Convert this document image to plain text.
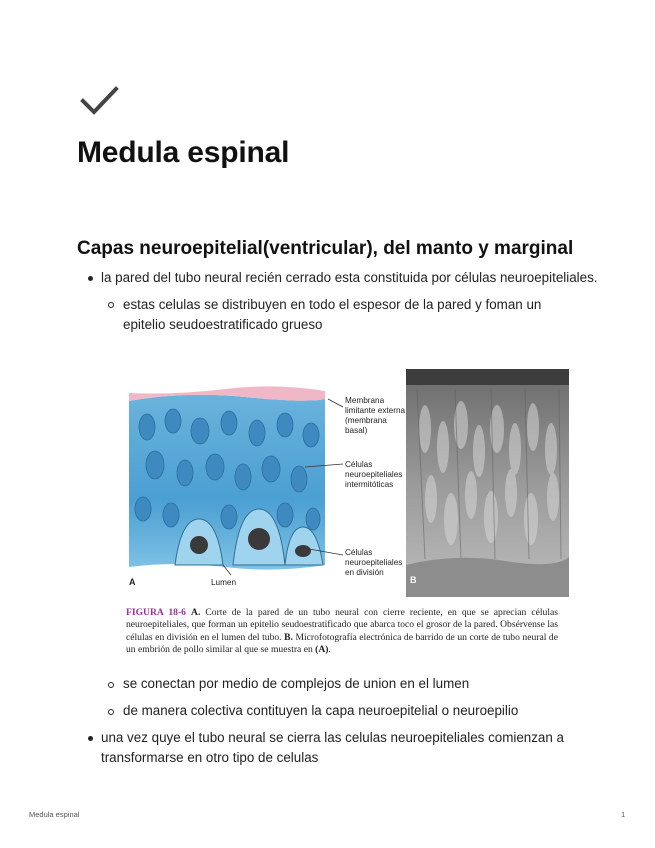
Medula espinal
Capas neuroepitelial(ventricular), del manto y marginal
la pared del tubo neural recién cerrado esta constituida por células neuroepiteliales.
estas celulas se distribuyen en todo el espesor de la pared y foman un epitelio seudoestratificado grueso
Membrana
limitante externa
(membrana
basal)
Células
neuroepiteliales
intermitóticas
Células
neuroepiteliales
en división
Lumen
A	B
FIGURA 18-6 A. Corte de la pared de un tubo neural con cierre reciente, en que se aprecian células neuroepiteliales, que forman un epitelio seudoestratificado que abarca toco el grosor de la pared. Obsérvense las células en división en el lumen del tubo. B. Microfotografía electrónica de barrido de un corte de tubo neural de un embrión de pollo similar al que se muestra en (A).
se conectan por medio de complejos de union en el lumen
de manera colectiva contituyen la capa neuroepitelial o neuroepilio
una vez quye el tubo neural se cierra las celulas neuroepiteliales comienzan a transformarse en otro tipo de celulas
Medula espinal	1
